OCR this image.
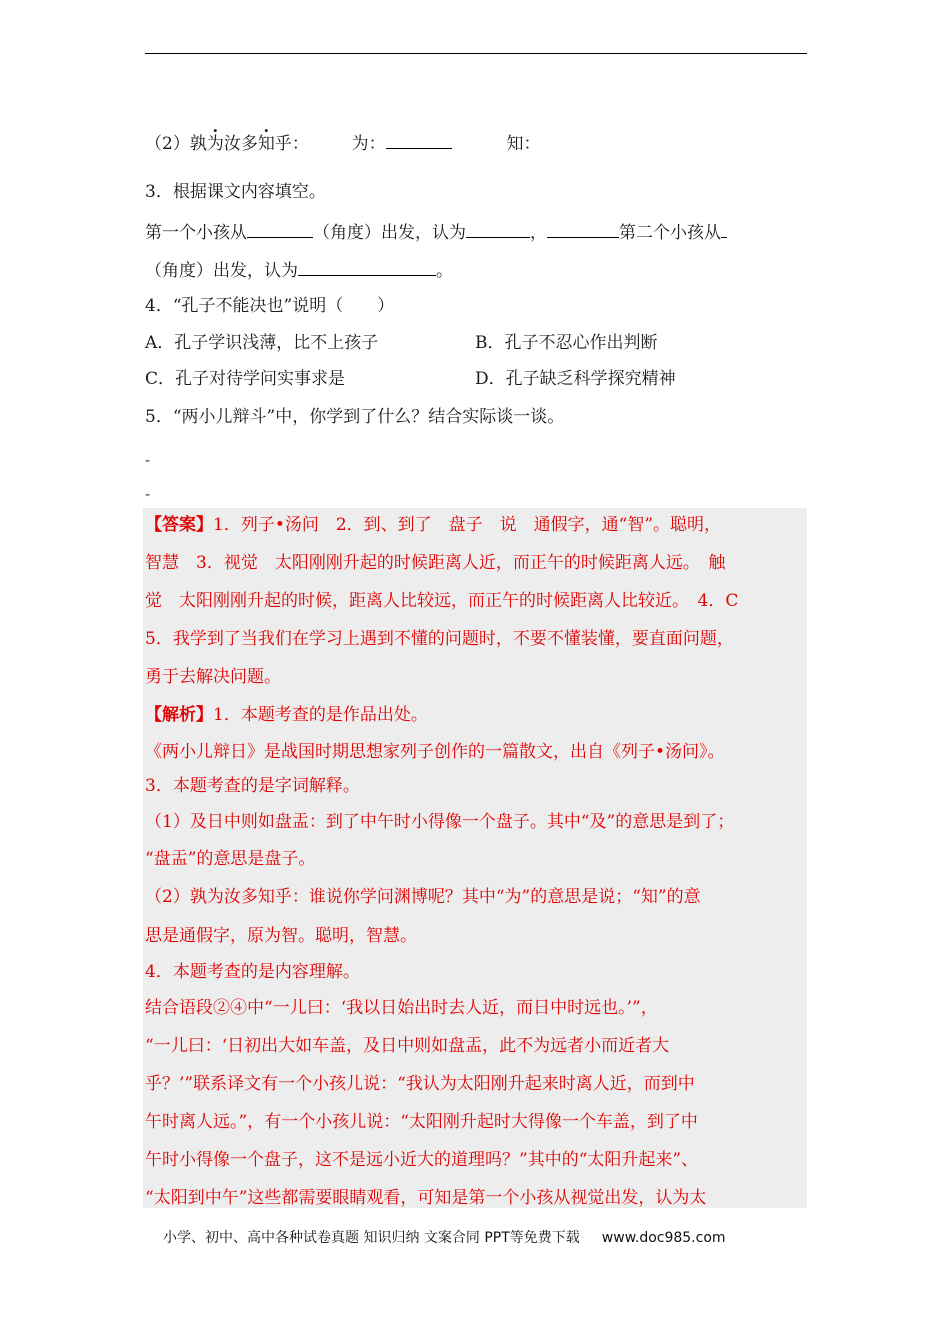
（2）孰为汝多知乎：	为：	知：
3．根据课文内容填空。
第一个小孩从	（角度）出发，认为	，	第二个小孩从
（角度）出发，认为	。
4．“孔子不能决也”说明（　　）
A．孔子学识浅薄，比不上孩子	B．孔子不忍心作出判断
C．孔子对待学问实事求是	D．孔子缺乏科学探究精神
5．“两小儿辩斗”中，你学到了什么？结合实际谈一谈。
-
-
【答案】1．列子•汤问　2．到、到了　盘子　说　通假字，通“智”。聪明，
智慧　3．视觉　太阳刚刚升起的时候距离人近，而正午的时候距离人远。　触
觉　太阳刚刚升起的时候，距离人比较远，而正午的时候距离人比较近。　4．C
5．我学到了当我们在学习上遇到不懂的问题时，不要不懂装懂，要直面问题，
勇于去解决问题。
【解析】1．本题考查的是作品出处。
《两小儿辩日》是战国时期思想家列子创作的一篇散文，出自《列子•汤问》。
3．本题考查的是字词解释。
（1）及日中则如盘盂：到了中午时小得像一个盘子。其中“及”的意思是到了；
“盘盂”的意思是盘子。
（2）孰为汝多知乎：谁说你学问渊博呢？其中“为”的意思是说；“知”的意
思是通假字，原为智。聪明，智慧。
4．本题考查的是内容理解。
结合语段②④中“一儿曰：‘我以日始出时去人近，而日中时远也。’”，
“一儿曰：‘日初出大如车盖，及日中则如盘盂，此不为远者小而近者大
乎？’”联系译文有一个小孩儿说：“我认为太阳刚升起来时离人近，而到中
午时离人远。”，有一个小孩儿说：“太阳刚升起时大得像一个车盖，到了中
午时小得像一个盘子，这不是远小近大的道理吗？”其中的“太阳升起来”、
“太阳到中午”这些都需要眼睛观看，可知是第一个小孩从视觉出发，认为太
小学、初中、高中各种试卷真题 知识归纳 文案合同 PPT等免费下载 www.doc985.com
